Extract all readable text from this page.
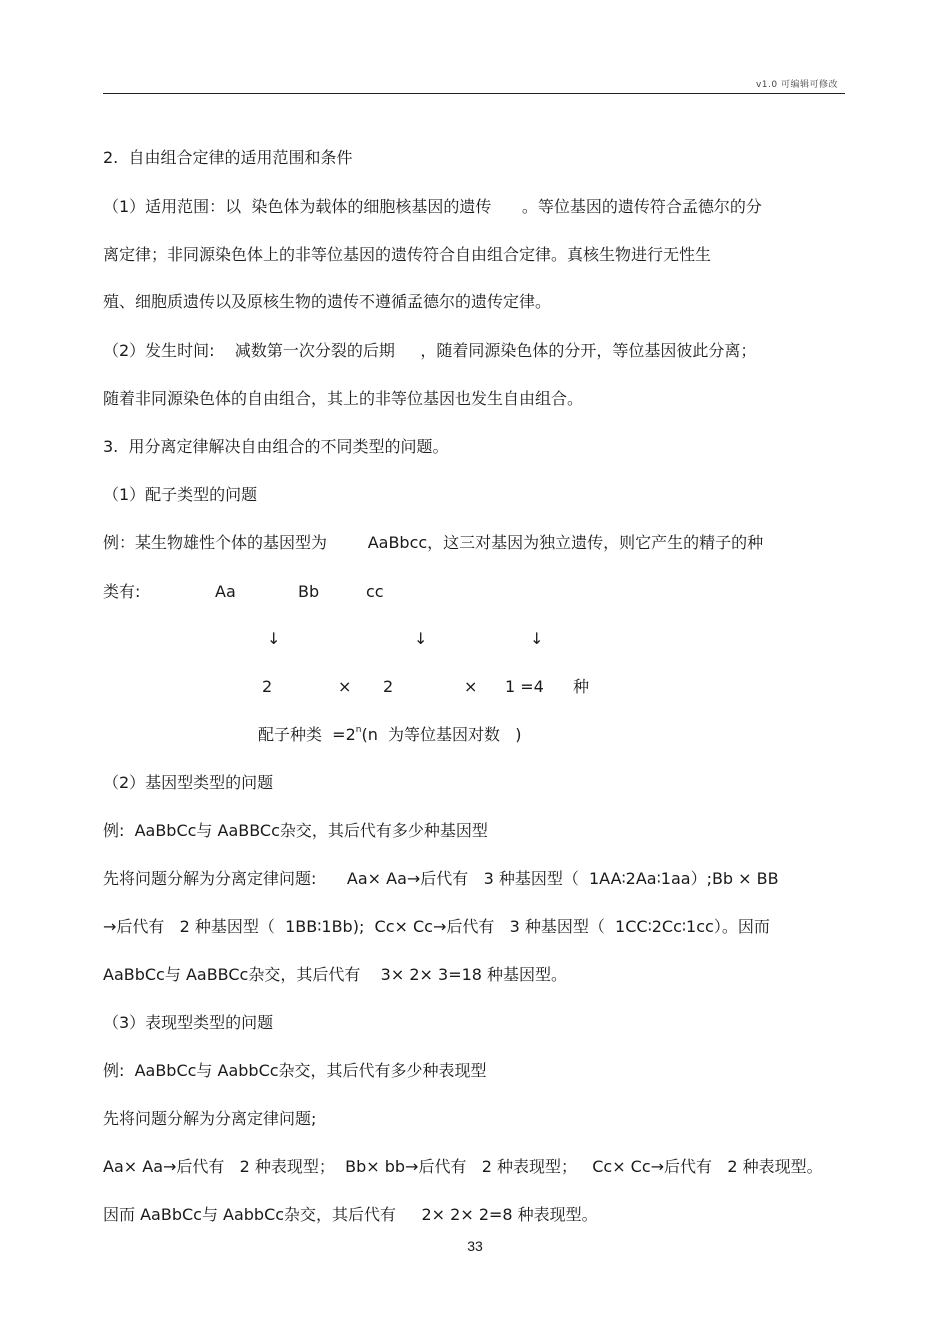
v1.0 可编辑可修改
2.  自由组合定律的适用范围和条件
（1）适用范围：以  染色体为载体的细胞核基因的遗传      。等位基因的遗传符合孟德尔的分
离定律；非同源染色体上的非等位基因的遗传符合自由组合定律。真核生物进行无性生
殖、细胞质遗传以及原核生物的遗传不遵循孟德尔的遗传定律。
（2）发生时间:    减数第一次分裂的后期     ，随着同源染色体的分开，等位基因彼此分离；
随着非同源染色体的自由组合，其上的非等位基因也发生自由组合。
3.  用分离定律解决自由组合的不同类型的问题。
（1）配子类型的问题
例：某生物雄性个体的基因型为        AaBbcc，这三对基因为独立遗传，则它产生的精子的种
类有:	Aa	Bb	cc
↓	↓	↓
2	× 2	× 1 =4 种
配子种类  $=2^n(n$  为等位基因对数   )
（2）基因型类型的问题
例:  AaBbCc与 AaBBCc杂交，其后代有多少种基因型
先将问题分解为分离定律问题:      Aa× Aa→后代有   3 种基因型（  1AA∶2Aa∶1aa）;Bb × BB
→后代有   2 种基因型（  1BB∶1Bb);  Cc× Cc→后代有   3 种基因型（  1CC∶2Cc∶1cc）。因而
AaBbCc与 AaBBCc杂交，其后代有    3× 2× 3=18 种基因型。
（3）表现型类型的问题
例:  AaBbCc与 AabbCc杂交，其后代有多少种表现型
先将问题分解为分离定律问题;
Aa× Aa→后代有   2 种表现型；  Bb× bb→后代有   2 种表现型；   Cc× Cc→后代有   2 种表现型。
因而 AaBbCc与 AabbCc杂交，其后代有     2× 2× 2=8 种表现型。
33
